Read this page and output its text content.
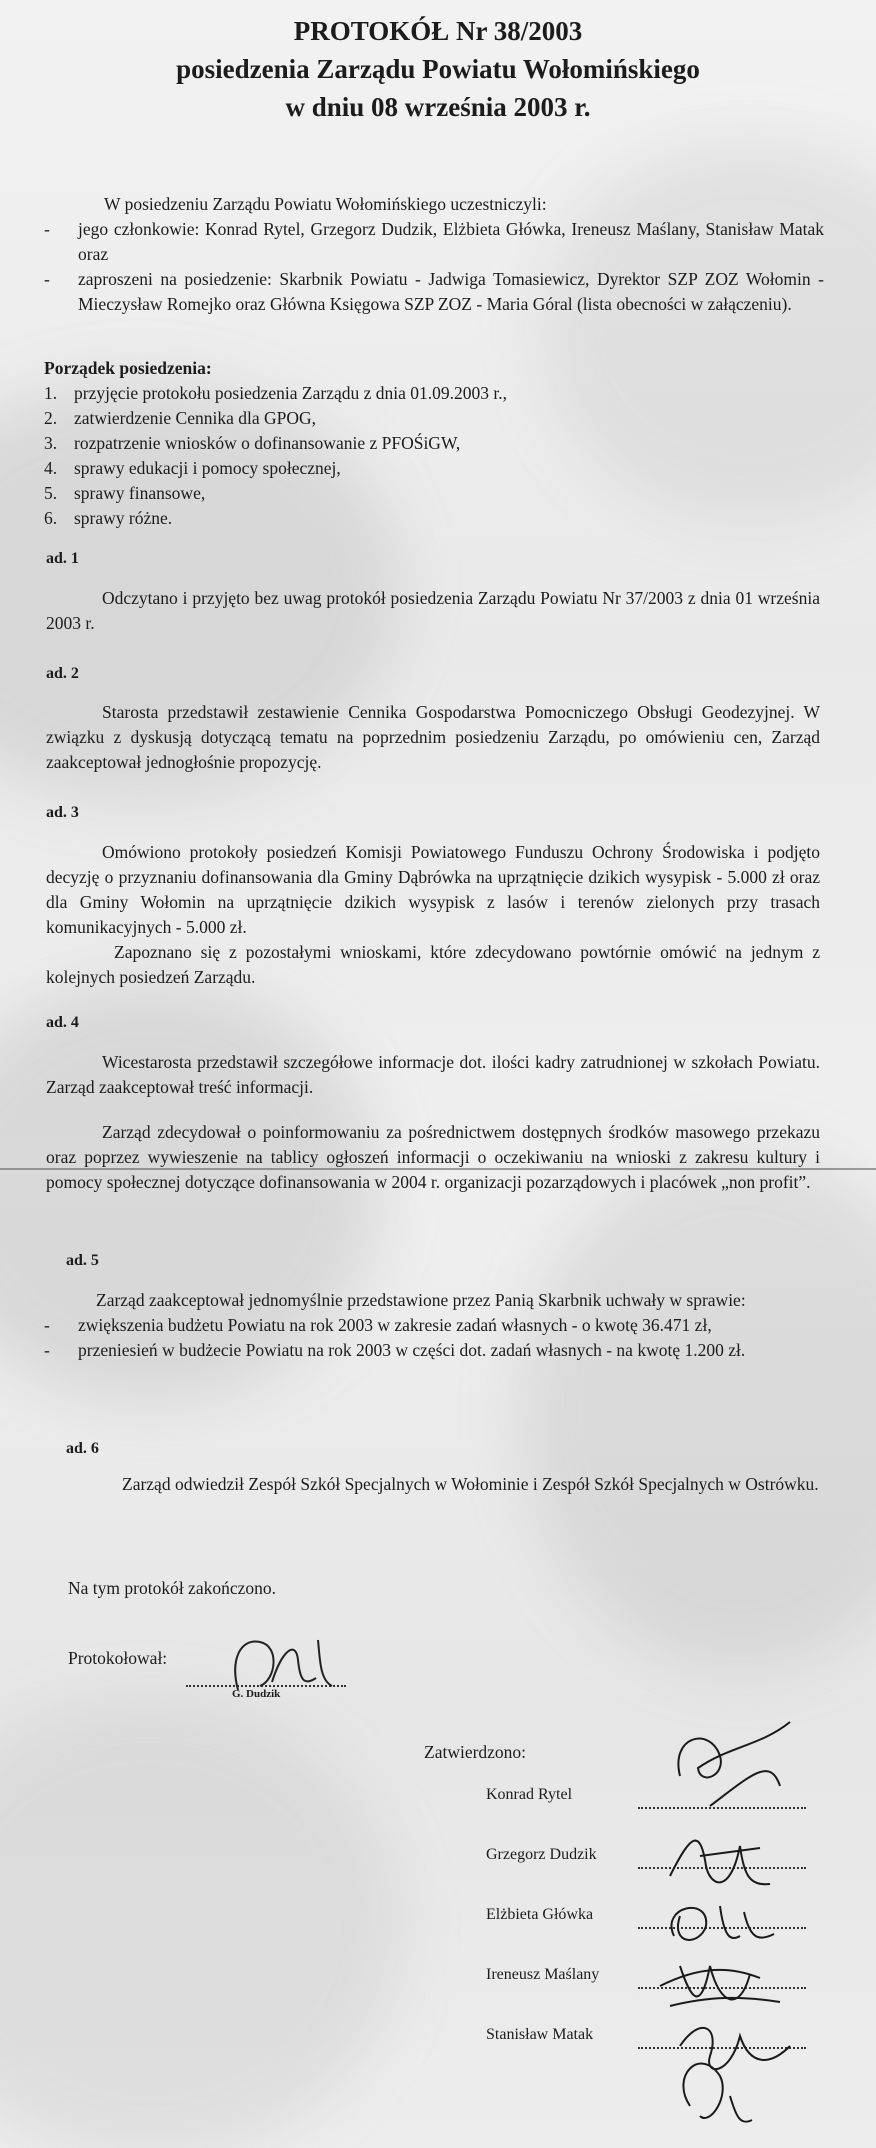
PROTOKÓŁ Nr 38/2003
posiedzenia Zarządu Powiatu Wołomińskiego
w dniu 08 września 2003 r.
W posiedzeniu Zarządu Powiatu Wołomińskiego uczestniczyli:
-	jego członkowie: Konrad Rytel, Grzegorz Dudzik, Elżbieta Główka, Ireneusz Maślany, Stanisław Matak oraz
-	zaproszeni na posiedzenie: Skarbnik Powiatu - Jadwiga Tomasiewicz, Dyrektor SZP ZOZ Wołomin - Mieczysław Romejko oraz Główna Księgowa SZP ZOZ - Maria Góral (lista obecności w załączeniu).
Porządek posiedzenia:
1. przyjęcie protokołu posiedzenia Zarządu z dnia 01.09.2003 r.,
2. zatwierdzenie Cennika dla GPOG,
3. rozpatrzenie wniosków o dofinansowanie z PFOŚiGW,
4. sprawy edukacji i pomocy społecznej,
5. sprawy finansowe,
6. sprawy różne.
ad. 1
Odczytano i przyjęto bez uwag protokół posiedzenia Zarządu Powiatu Nr 37/2003 z dnia 01 września 2003 r.
ad. 2
Starosta przedstawił zestawienie Cennika Gospodarstwa Pomocniczego Obsługi Geodezyjnej. W związku z dyskusją dotyczącą tematu na poprzednim posiedzeniu Zarządu, po omówieniu cen, Zarząd zaakceptował jednogłośnie propozycję.
ad. 3
Omówiono protokoły posiedzeń Komisji Powiatowego Funduszu Ochrony Środowiska i podjęto decyzję o przyznaniu dofinansowania dla Gminy Dąbrówka na uprzątnięcie dzikich wysypisk - 5.000 zł oraz dla Gminy Wołomin na uprzątnięcie dzikich wysypisk z lasów i terenów zielonych przy trasach komunikacyjnych - 5.000 zł.
Zapoznano się z pozostałymi wnioskami, które zdecydowano powtórnie omówić na jednym z kolejnych posiedzeń Zarządu.
ad. 4
Wicestarosta przedstawił szczegółowe informacje dot. ilości kadry zatrudnionej w szkołach Powiatu. Zarząd zaakceptował treść informacji.
Zarząd zdecydował o poinformowaniu za pośrednictwem dostępnych środków masowego przekazu oraz poprzez wywieszenie na tablicy ogłoszeń informacji o oczekiwaniu na wnioski z zakresu kultury i pomocy społecznej dotyczące dofinansowania w 2004 r. organizacji pozarządowych i placówek „non profit”.
ad. 5
Zarząd zaakceptował jednomyślnie przedstawione przez Panią Skarbnik uchwały w sprawie:
-	zwiększenia budżetu Powiatu na rok 2003 w zakresie zadań własnych - o kwotę 36.471 zł,
-	przeniesień w budżecie Powiatu na rok 2003 w części dot. zadań własnych - na kwotę 1.200 zł.
ad. 6
Zarząd odwiedził Zespół Szkół Specjalnych w Wołominie i Zespół Szkół Specjalnych w Ostrówku.
Na tym protokół zakończono.
Protokołował:
G. Dudzik
Zatwierdzono:
Konrad Rytel
Grzegorz Dudzik
Elżbieta Główka
Ireneusz Maślany
Stanisław Matak
